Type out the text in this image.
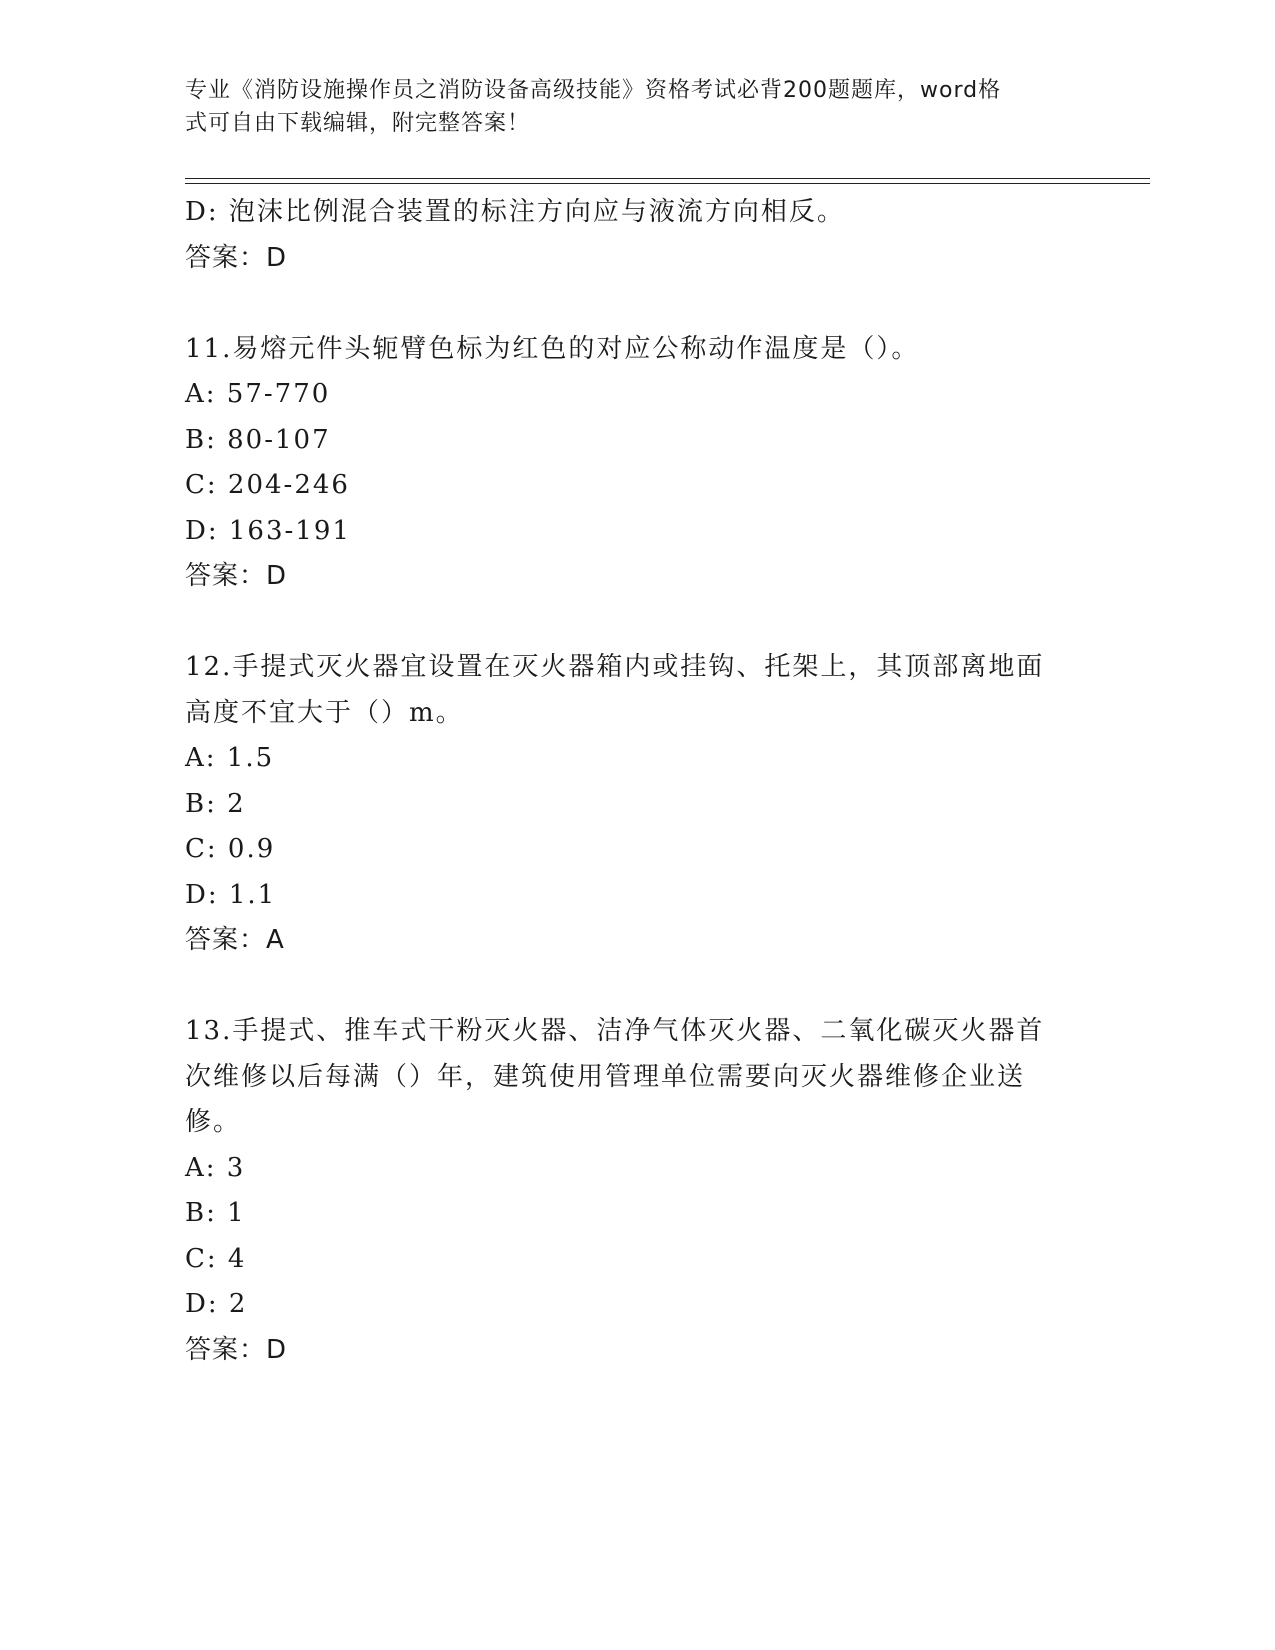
专业《消防设施操作员之消防设备高级技能》资格考试必背200题题库，word格
式可自由下载编辑，附完整答案！
D: 泡沫比例混合装置的标注方向应与液流方向相反。
答案：D
11.易熔元件头轭臂色标为红色的对应公称动作温度是（）。
A: 57-770
B: 80-107
C: 204-246
D: 163-191
答案：D
12.手提式灭火器宜设置在灭火器箱内或挂钩、托架上，其顶部离地面高度不宜大于（）m。
A: 1.5
B: 2
C: 0.9
D: 1.1
答案：A
13.手提式、推车式干粉灭火器、洁净气体灭火器、二氧化碳灭火器首次维修以后每满（）年，建筑使用管理单位需要向灭火器维修企业送修。
A: 3
B: 1
C: 4
D: 2
答案：D
